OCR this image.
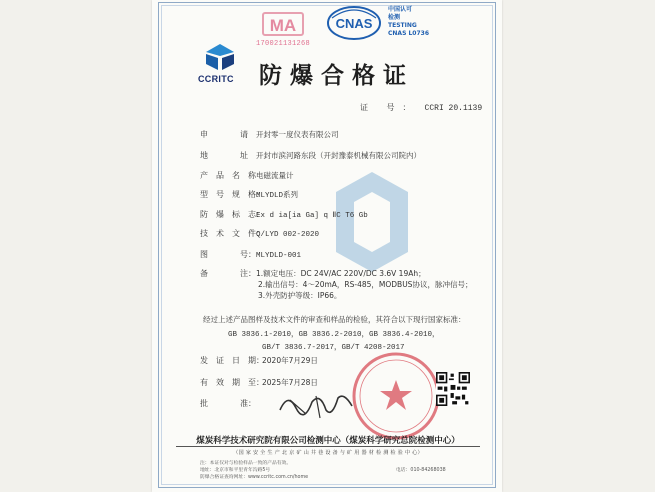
MA
170021131268
CNAS
中国认可
检测
TESTING
CNAS L0736
CCRITC	防爆合格证
证 号： CCRI 20.1139
申　　　　请 开封零一度仪表有限公司
地　　　　址 开封市滨河路东段（开封豫泰机械有限公司院内）
产　品　名　称电磁流量计
型　号　规　格：MLYDLD系列
防　爆　标　志：Ex d ia[ia Ga] q ⅡC T6 Gb
技　术　文　件：Q/LYD 002-2020
图　　　　号：MLYDLD-001
备　　　　注：1.额定电压：DC 24V/AC 220V/DC 3.6V 19Ah；
2.输出信号：4～20mA，RS-485，MODBUS协议，脉冲信号；
3.外壳防护等级：IP66。
经过上述产品图样及技术文件的审查和样品的检验，其符合以下现行国家标准：
GB 3836.1-2010，GB 3836.2-2010，GB 3836.4-2010，
GB/T 3836.7-2017，GB/T 4208-2017
发　证　日　期：2020年7月29日
有　效　期　至：2025年7月28日
批　　　　准：
煤炭科学技术研究院有限公司检测中心（煤炭科学研究总院检测中心）
（国 家 安 全 生 产 北 京 矿 山 井 巷 设 备 与 矿 用 器 材 检 测 检 验 中 心）
注：本证仅对与检验样品一致的产品有效。
地址：北京市和平里青年沟路5号
防爆合格证查询网址：www.ccritc.com.cn/home
电话：010-84268038
